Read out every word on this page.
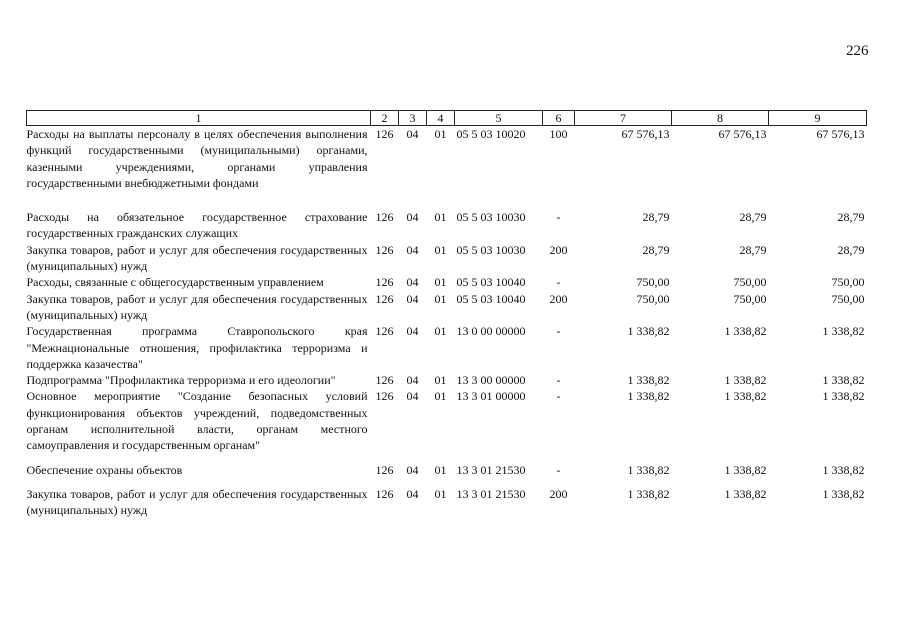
226
1	2	3	4	5	6	7	8	9
Расходы на выплаты персоналу в целях обеспечения выполнения функций государственными (муниципальными) органами, казенными учреждениями, органами управления государственными внебюджетными фондами	126	04	01	05 5 03 10020	100	67 576,13	67 576,13	67 576,13

Расходы на обязательное государственное страхование государственных гражданских служащих	126	04	01	05 5 03 10030	-	28,79	28,79	28,79
Закупка товаров, работ и услуг для обеспечения государственных (муниципальных) нужд	126	04	01	05 5 03 10030	200	28,79	28,79	28,79
Расходы, связанные с общегосударственным управлением	126	04	01	05 5 03 10040	-	750,00	750,00	750,00
Закупка товаров, работ и услуг для обеспечения государственных (муниципальных) нужд	126	04	01	05 5 03 10040	200	750,00	750,00	750,00
Государственная программа Ставропольского края "Межнациональные отношения, профилактика терроризма и поддержка казачества"	126	04	01	13 0 00 00000	-	1 338,82	1 338,82	1 338,82
Подпрограмма "Профилактика терроризма и его идеологии"	126	04	01	13 3 00 00000	-	1 338,82	1 338,82	1 338,82
Основное мероприятие "Создание безопасных условий функционирования объектов учреждений, подведомственных органам исполнительной власти, органам местного самоуправления и государственным органам"	126	04	01	13 3 01 00000	-	1 338,82	1 338,82	1 338,82

Обеспечение охраны объектов	126	04	01	13 3 01 21530	-	1 338,82	1 338,82	1 338,82

Закупка товаров, работ и услуг для обеспечения государственных (муниципальных) нужд	126	04	01	13 3 01 21530	200	1 338,82	1 338,82	1 338,82
